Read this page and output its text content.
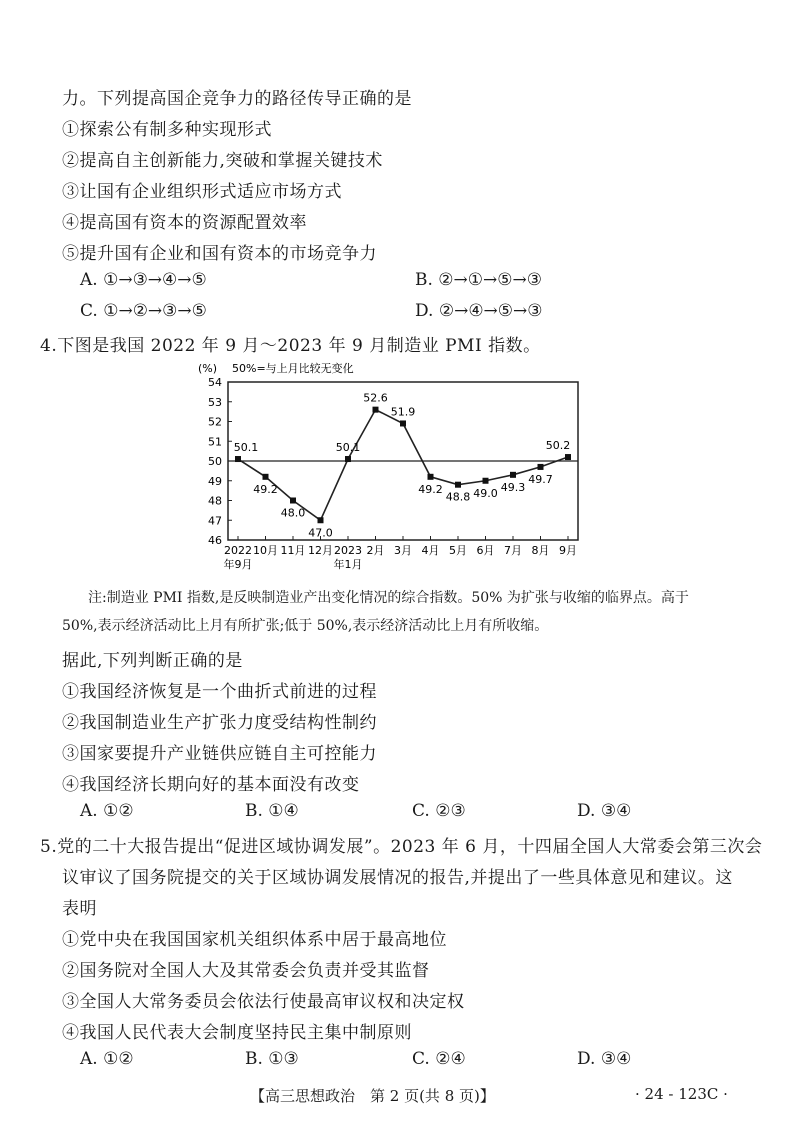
力。下列提高国企竞争力的路径传导正确的是
①探索公有制多种实现形式
②提高自主创新能力,突破和掌握关键技术
③让国有企业组织形式适应市场方式
④提高国有资本的资源配置效率
⑤提升国有企业和国有资本的市场竞争力
A. ①→③→④→⑤	B. ②→①→⑤→③
C. ①→②→③→⑤	D. ②→④→⑤→③
4.下图是我国 2022 年 9 月～2023 年 9 月制造业 PMI 指数。
46
47
48
49
50
51
52
53
54
(%) 50%=与上月比较无变化
50.1
2022
年9月
49.2
10月
48.0
11月
47.0
12月
50.1
2023
年1月
52.6
2月
51.9
3月
49.2
4月
48.8
5月
49.0
6月
49.3
7月
49.7
8月
50.2
9月
注:制造业 PMI 指数,是反映制造业产出变化情况的综合指数。50% 为扩张与收缩的临界点。高于
50%,表示经济活动比上月有所扩张;低于 50%,表示经济活动比上月有所收缩。
据此,下列判断正确的是
①我国经济恢复是一个曲折式前进的过程
②我国制造业生产扩张力度受结构性制约
③国家要提升产业链供应链自主可控能力
④我国经济长期向好的基本面没有改变
A. ①②	B. ①④	C. ②③	D. ③④
5.党的二十大报告提出“促进区域协调发展”。2023 年 6 月，十四届全国人大常委会第三次会
议审议了国务院提交的关于区域协调发展情况的报告,并提出了一些具体意见和建议。这
表明
①党中央在我国国家机关组织体系中居于最高地位
②国务院对全国人大及其常委会负责并受其监督
③全国人大常务委员会依法行使最高审议权和决定权
④我国人民代表大会制度坚持民主集中制原则
A. ①②	B. ①③	C. ②④	D. ③④
【高三思想政治　第 2 页(共 8 页)】	· 24 - 123C ·
